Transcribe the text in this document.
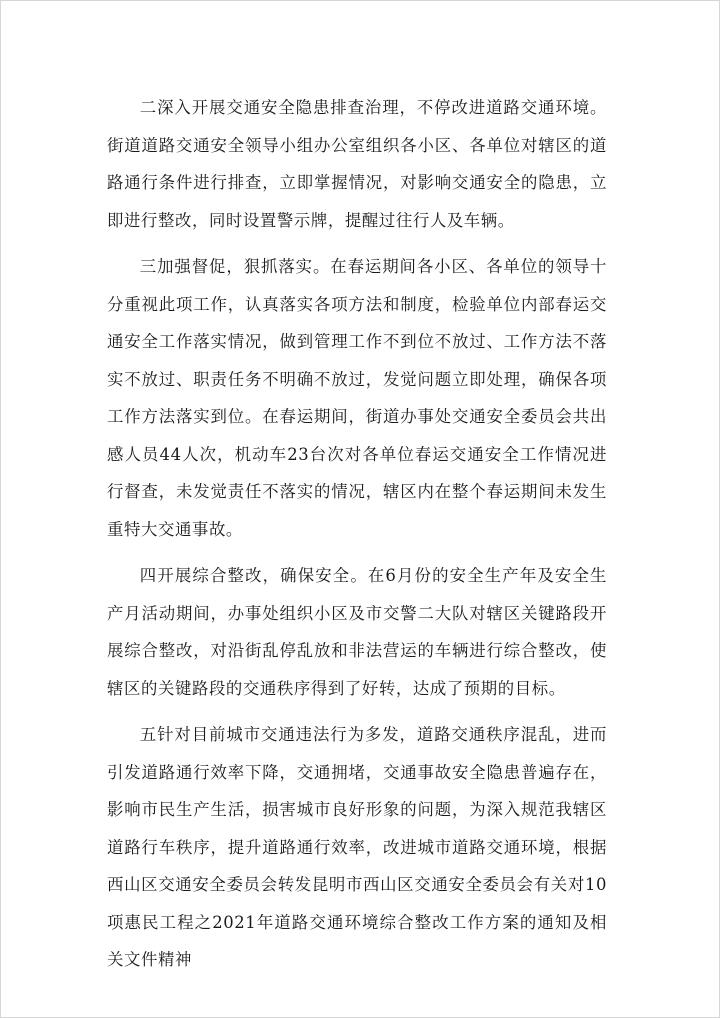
二深入开展交通安全隐患排查治理，不停改进道路交通环境。街道道路交通安全领导小组办公室组织各小区、各单位对辖区的道路通行条件进行排查，立即掌握情况，对影响交通安全的隐患，立即进行整改，同时设置警示牌，提醒过往行人及车辆。

三加强督促，狠抓落实。在春运期间各小区、各单位的领导十分重视此项工作，认真落实各项方法和制度，检验单位内部春运交通安全工作落实情况，做到管理工作不到位不放过、工作方法不落实不放过、职责任务不明确不放过，发觉问题立即处理，确保各项工作方法落实到位。在春运期间，街道办事处交通安全委员会共出感人员44人次，机动车23台次对各单位春运交通安全工作情况进行督查，未发觉责任不落实的情况，辖区内在整个春运期间未发生重特大交通事故。

四开展综合整改，确保安全。在6月份的安全生产年及安全生产月活动期间，办事处组织小区及市交警二大队对辖区关键路段开展综合整改，对沿街乱停乱放和非法营运的车辆进行综合整改，使辖区的关键路段的交通秩序得到了好转，达成了预期的目标。

五针对目前城市交通违法行为多发，道路交通秩序混乱，进而引发道路通行效率下降，交通拥堵，交通事故安全隐患普遍存在，影响市民生产生活，损害城市良好形象的问题，为深入规范我辖区道路行车秩序，提升道路通行效率，改进城市道路交通环境，根据西山区交通安全委员会转发昆明市西山区交通安全委员会有关对10项惠民工程之2021年道路交通环境综合整改工作方案的通知及相关文件精神
